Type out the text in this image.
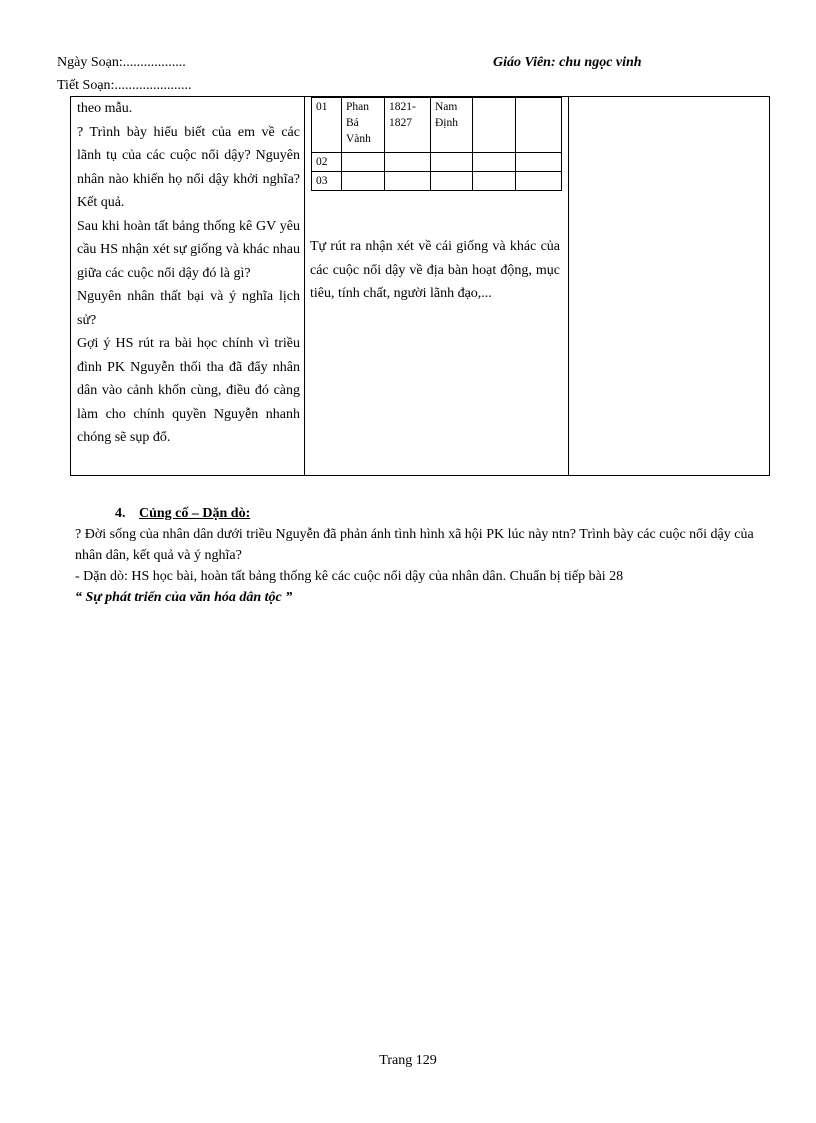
Ngày Soạn:..................
Tiết Soạn:......................
Giáo Viên: chu ngọc vinh

theo mẫu.

? Trình bày hiểu biết của em về các lãnh tụ của các cuộc nổi dậy? Nguyên nhân nào khiến họ nổi dậy khởi nghĩa? Kết quả.

Sau khi hoàn tất bảng thống kê GV yêu cầu HS nhận xét sự giống và khác nhau giữa các cuộc nổi dậy đó là gì?

Nguyên nhân thất bại và ý nghĩa lịch sử?

Gợi ý HS rút ra bài học chính vì triều đình PK Nguyễn thối tha đã đẩy nhân dân vào cảnh khốn cùng, điều đó càng làm cho chính quyền Nguyễn nhanh chóng sẽ sụp đổ.

01	Phan Bá Vành	1821-1827	Nam Định		
02					
03					
Tự rút ra nhận xét về cái giống và khác của các cuộc nổi dậy về địa bàn hoạt động, mục tiêu, tính chất, người lãnh đạo,...

4. Củng cố – Dặn dò:

? Đời sống của nhân dân dưới triều Nguyễn đã phản ánh tình hình xã hội PK lúc này ntn? Trình bày các cuộc nổi dậy của nhân dân, kết quả và ý nghĩa?

- Dặn dò: HS học bài, hoàn tất bảng thống kê các cuộc nổi dậy của nhân dân. Chuẩn bị tiếp bài 28

“ Sự phát triển của văn hóa dân tộc ”

Trang 129
